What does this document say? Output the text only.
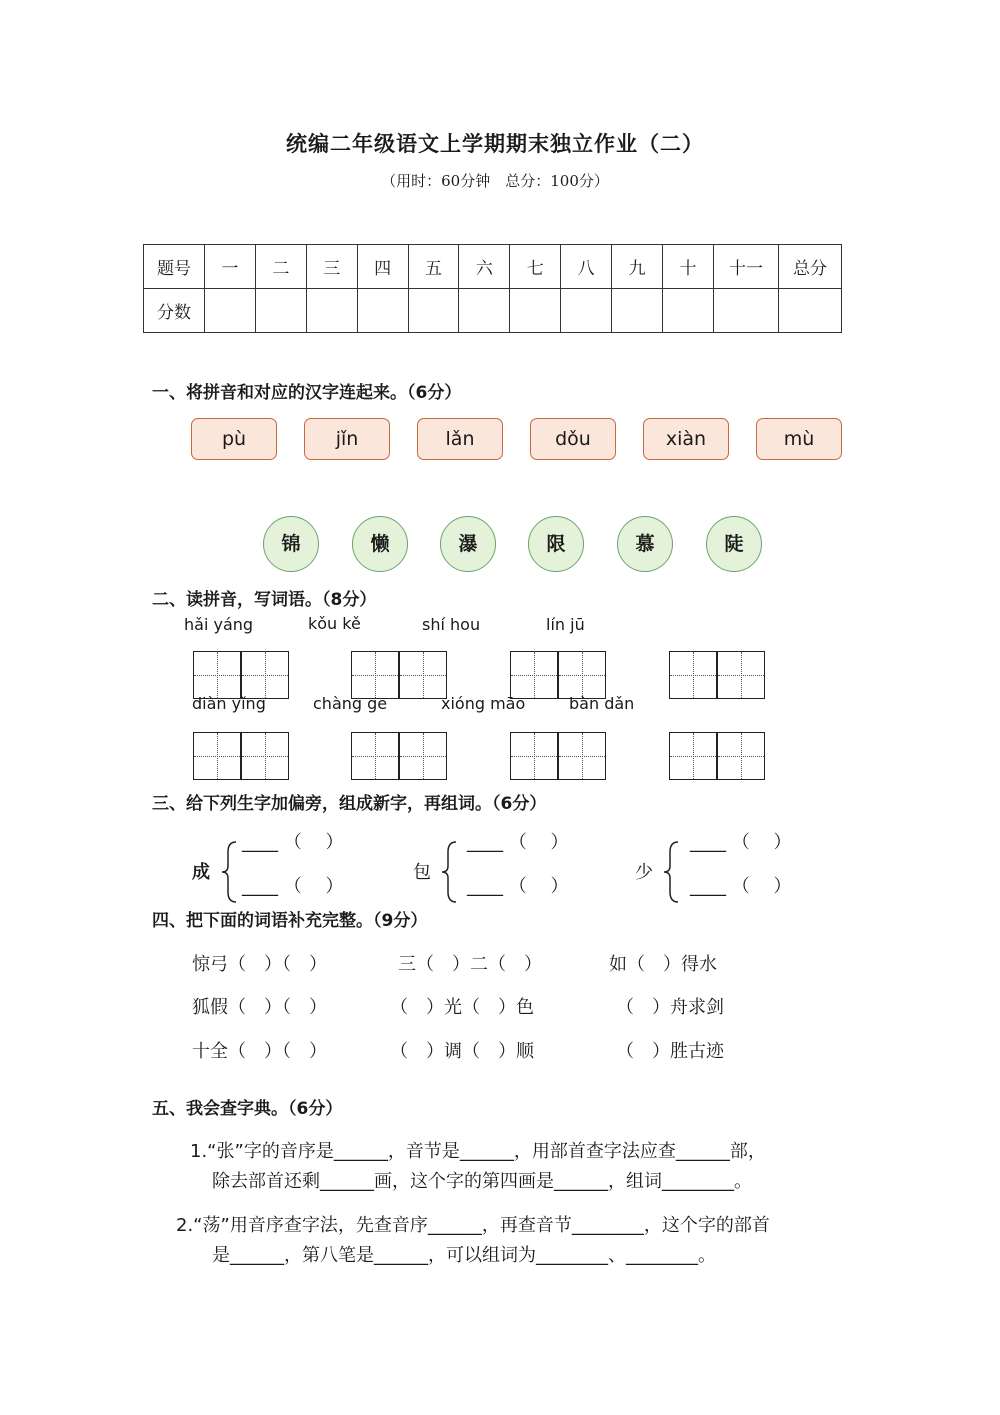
统编二年级语文上学期期末独立作业（二）
（用时：60分钟　总分：100分）
题号	一	二	三	四	五	六	七	八	九	十	十一	总分
分数												
一、将拼音和对应的汉字连起来。（6分）
pù	jǐn	lǎn	dǒu	xiàn	mù
锦	懒	瀑	限	慕	陡
二、读拼音，写词语。（8分）
hǎi yáng	kǒu kě	shí hou	lín jū
diàn yǐng	chàng ge	xióng māo	bàn dǎn
三、给下列生字加偏旁，组成新字，再组词。（6分）
成
____ （　 ）
____ （　 ）
包
____ （　 ）
____ （　 ）
少
____ （　 ）
____ （　 ）
四、把下面的词语补充完整。（9分）
惊弓（　）（　）	三（　）二（　）	如（　）得水
狐假（　）（　）	（　）光（　）色	（　）舟求剑
十全（　）（　）	（　）调（　）顺	（　）胜古迹
五、我会查字典。（6分）
1.“张”字的音序是______，音节是______，用部首查字法应查______部，
除去部首还剩______画，这个字的第四画是______，组词________。
2.“荡”用音序查字法，先查音序______，再查音节________，这个字的部首
是______，第八笔是______，可以组词为________、________。
